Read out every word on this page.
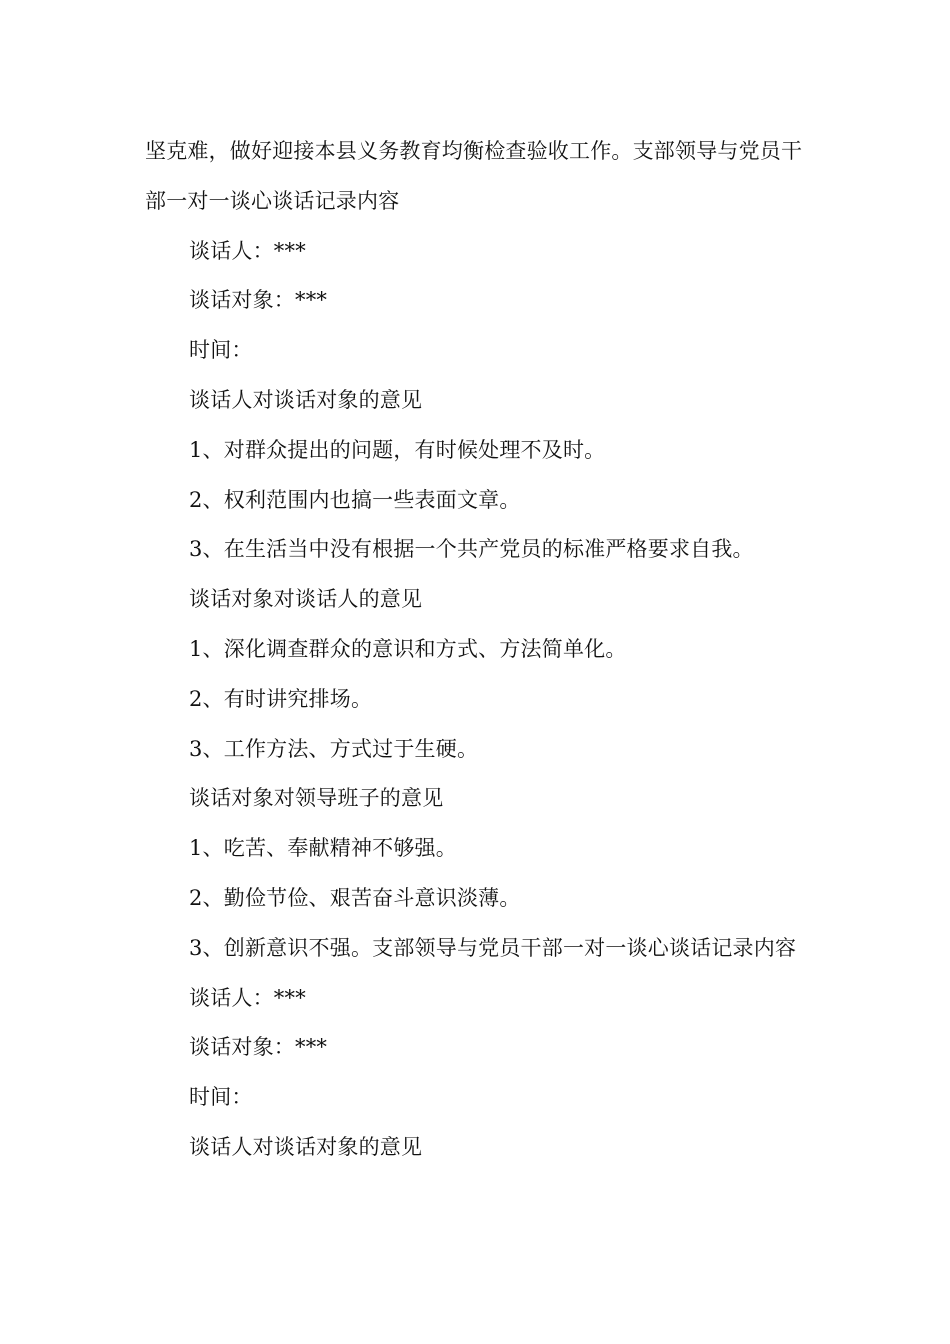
坚克难，做好迎接本县义务教育均衡检查验收工作。支部领导与党员干部一对一谈心谈话记录内容

谈话人：***

谈话对象：***

时间：

谈话人对谈话对象的意见

1、对群众提出的问题，有时候处理不及时。

2、权利范围内也搞一些表面文章。

3、在生活当中没有根据一个共产党员的标准严格要求自我。

谈话对象对谈话人的意见

1、深化调查群众的意识和方式、方法简单化。

2、有时讲究排场。

3、工作方法、方式过于生硬。

谈话对象对领导班子的意见

1、吃苦、奉献精神不够强。

2、勤俭节俭、艰苦奋斗意识淡薄。

3、创新意识不强。支部领导与党员干部一对一谈心谈话记录内容

谈话人：***

谈话对象：***

时间：

谈话人对谈话对象的意见
